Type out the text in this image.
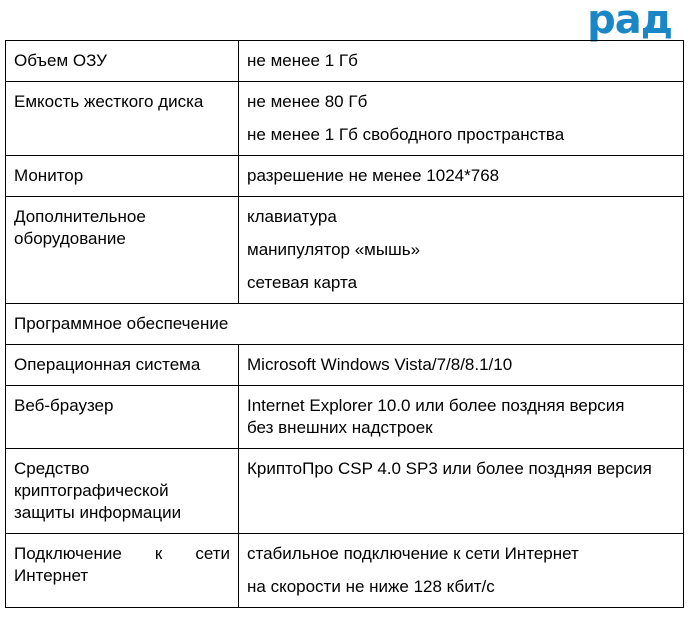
рад
Объем ОЗУ	не менее 1 Гб
Емкость жесткого диска	не менее 80 Гб
не менее 1 Гб свободного пространства

Монитор	разрешение не менее 1024*768

Дополнительное
оборудование	клавиатура
манипулятор «мышь»
сетевая карта

Программное обеспечение	
Операционная система	Microsoft Windows Vista/7/8/8.1/10
Веб-браузер	Internet Explorer 10.0 или более поздняя версия
без внешних надстроек

Средство
криптографической
защиты информации	КриптоПро CSP 4.0 SP3 или более поздняя версия

Подключение к сети
Интернет	стабильное подключение к сети Интернет
на скорости не ниже 128 кбит/с
